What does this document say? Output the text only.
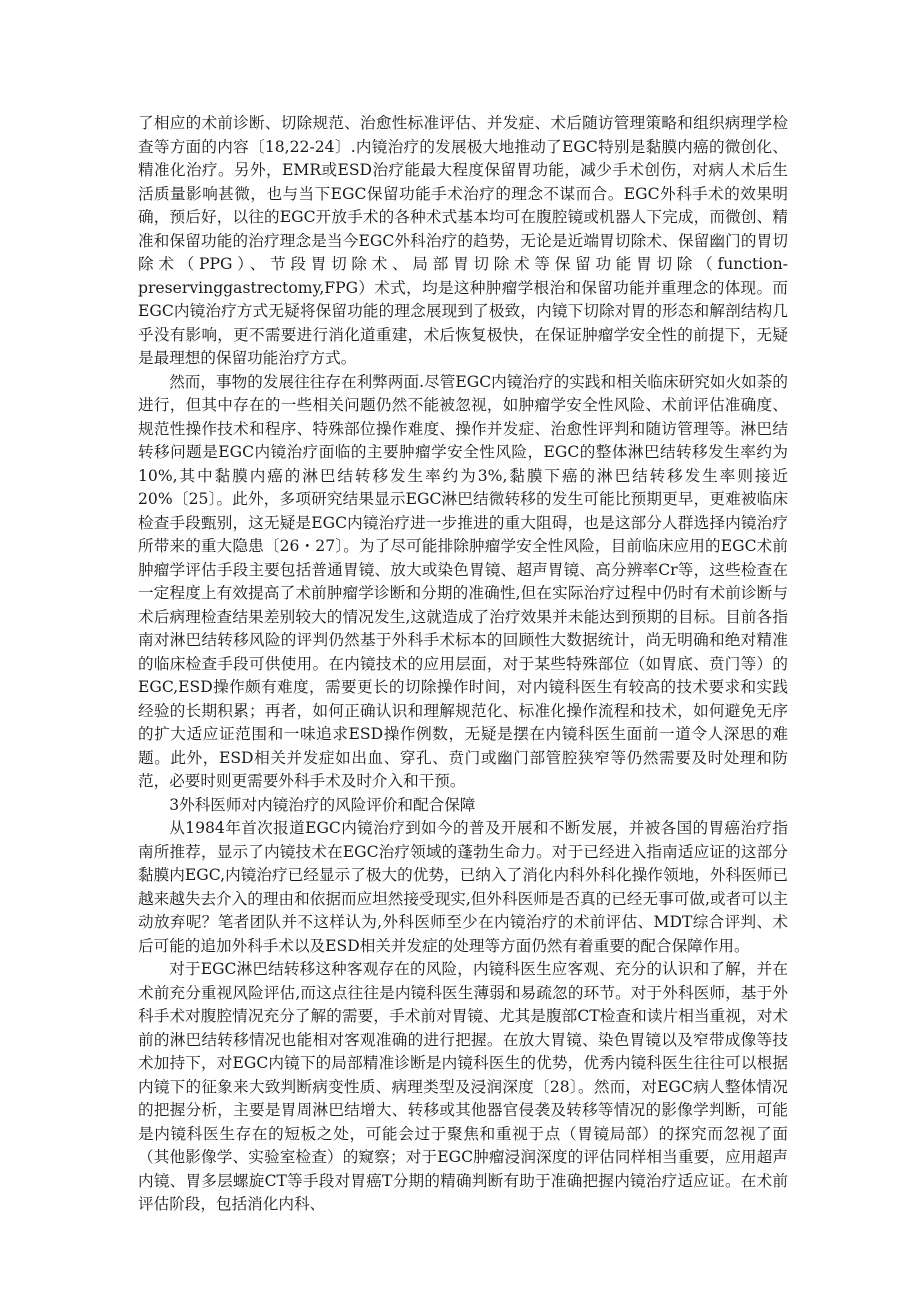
了相应的术前诊断、切除规范、治愈性标准评估、并发症、术后随访管理策略和组织病理学检查等方面的内容〔18,22-24〕.内镜治疗的发展极大地推动了EGC特别是黏膜内癌的微创化、精准化治疗。另外，EMR或ESD治疗能最大程度保留胃功能，减少手术创伤，对病人术后生活质量影响甚微，也与当下EGC保留功能手术治疗的理念不谋而合。EGC外科手术的效果明确，预后好，以往的EGC开放手术的各种术式基本均可在腹腔镜或机器人下完成，而微创、精准和保留功能的治疗理念是当今EGC外科治疗的趋势，无论是近端胃切除术、保留幽门的胃切除术（PPG）、节段胃切除术、局部胃切除术等保留功能胃切除（function-preservinggastrectomy,FPG）术式，均是这种肿瘤学根治和保留功能并重理念的体现。而EGC内镜治疗方式无疑将保留功能的理念展现到了极致，内镜下切除对胃的形态和解剖结构几乎没有影响，更不需要进行消化道重建，术后恢复极快，在保证肿瘤学安全性的前提下，无疑是最理想的保留功能治疗方式。

然而，事物的发展往往存在利弊两面.尽管EGC内镜治疗的实践和相关临床研究如火如荼的进行，但其中存在的一些相关问题仍然不能被忽视，如肿瘤学安全性风险、术前评估准确度、规范性操作技术和程序、特殊部位操作难度、操作并发症、治愈性评判和随访管理等。淋巴结转移问题是EGC内镜治疗面临的主要肿瘤学安全性风险，EGC的整体淋巴结转移发生率约为10%,其中黏膜内癌的淋巴结转移发生率约为3%,黏膜下癌的淋巴结转移发生率则接近20%〔25〕。此外，多项研究结果显示EGC淋巴结微转移的发生可能比预期更早，更难被临床检查手段甄别，这无疑是EGC内镜治疗进一步推进的重大阻碍，也是这部分人群选择内镜治疗所带来的重大隐患〔26・27〕。为了尽可能排除肿瘤学安全性风险，目前临床应用的EGC术前肿瘤学评估手段主要包括普通胃镜、放大或染色胃镜、超声胃镜、高分辨率Cr等，这些检查在一定程度上有效提高了术前肿瘤学诊断和分期的准确性,但在实际治疗过程中仍时有术前诊断与术后病理检查结果差别较大的情况发生,这就造成了治疗效果并未能达到预期的目标。目前各指南对淋巴结转移风险的评判仍然基于外科手术标本的回顾性大数据统计，尚无明确和绝对精准的临床检查手段可供使用。在内镜技术的应用层面，对于某些特殊部位（如胃底、贲门等）的EGC,ESD操作颇有难度，需要更长的切除操作时间，对内镜科医生有较高的技术要求和实践经验的长期积累；再者，如何正确认识和理解规范化、标准化操作流程和技术，如何避免无序的扩大适应证范围和一味追求ESD操作例数，无疑是摆在内镜科医生面前一道令人深思的难题。此外，ESD相关并发症如出血、穿孔、贲门或幽门部管腔狭窄等仍然需要及时处理和防范，必要时则更需要外科手术及时介入和干预。

3外科医师对内镜治疗的风险评价和配合保障

从1984年首次报道EGC内镜治疗到如今的普及开展和不断发展，并被各国的胃癌治疗指南所推荐，显示了内镜技术在EGC治疗领域的蓬勃生命力。对于已经进入指南适应证的这部分黏膜内EGC,内镜治疗已经显示了极大的优势，已纳入了消化内科外科化操作领地，外科医师已越来越失去介入的理由和依据而应坦然接受现实,但外科医师是否真的已经无事可做,或者可以主动放弃呢？笔者团队并不这样认为,外科医师至少在内镜治疗的术前评估、MDT综合评判、术后可能的追加外科手术以及ESD相关并发症的处理等方面仍然有着重要的配合保障作用。

对于EGC淋巴结转移这种客观存在的风险，内镜科医生应客观、充分的认识和了解，并在术前充分重视风险评估,而这点往往是内镜科医生薄弱和易疏忽的环节。对于外科医师，基于外科手术对腹腔情况充分了解的需要，手术前对胃镜、尤其是腹部CT检查和读片相当重视，对术前的淋巴结转移情况也能相对客观准确的进行把握。在放大胃镜、染色胃镜以及窄带成像等技术加持下，对EGC内镜下的局部精准诊断是内镜科医生的优势，优秀内镜科医生往往可以根据内镜下的征象来大致判断病变性质、病理类型及浸润深度〔28〕。然而，对EGC病人整体情况的把握分析，主要是胃周淋巴结增大、转移或其他器官侵袭及转移等情况的影像学判断，可能是内镜科医生存在的短板之处，可能会过于聚焦和重视于点（胃镜局部）的探究而忽视了面（其他影像学、实验室检查）的窥察；对于EGC肿瘤浸润深度的评估同样相当重要，应用超声内镜、胃多层螺旋CT等手段对胃癌T分期的精确判断有助于准确把握内镜治疗适应证。在术前评估阶段，包括消化内科、
